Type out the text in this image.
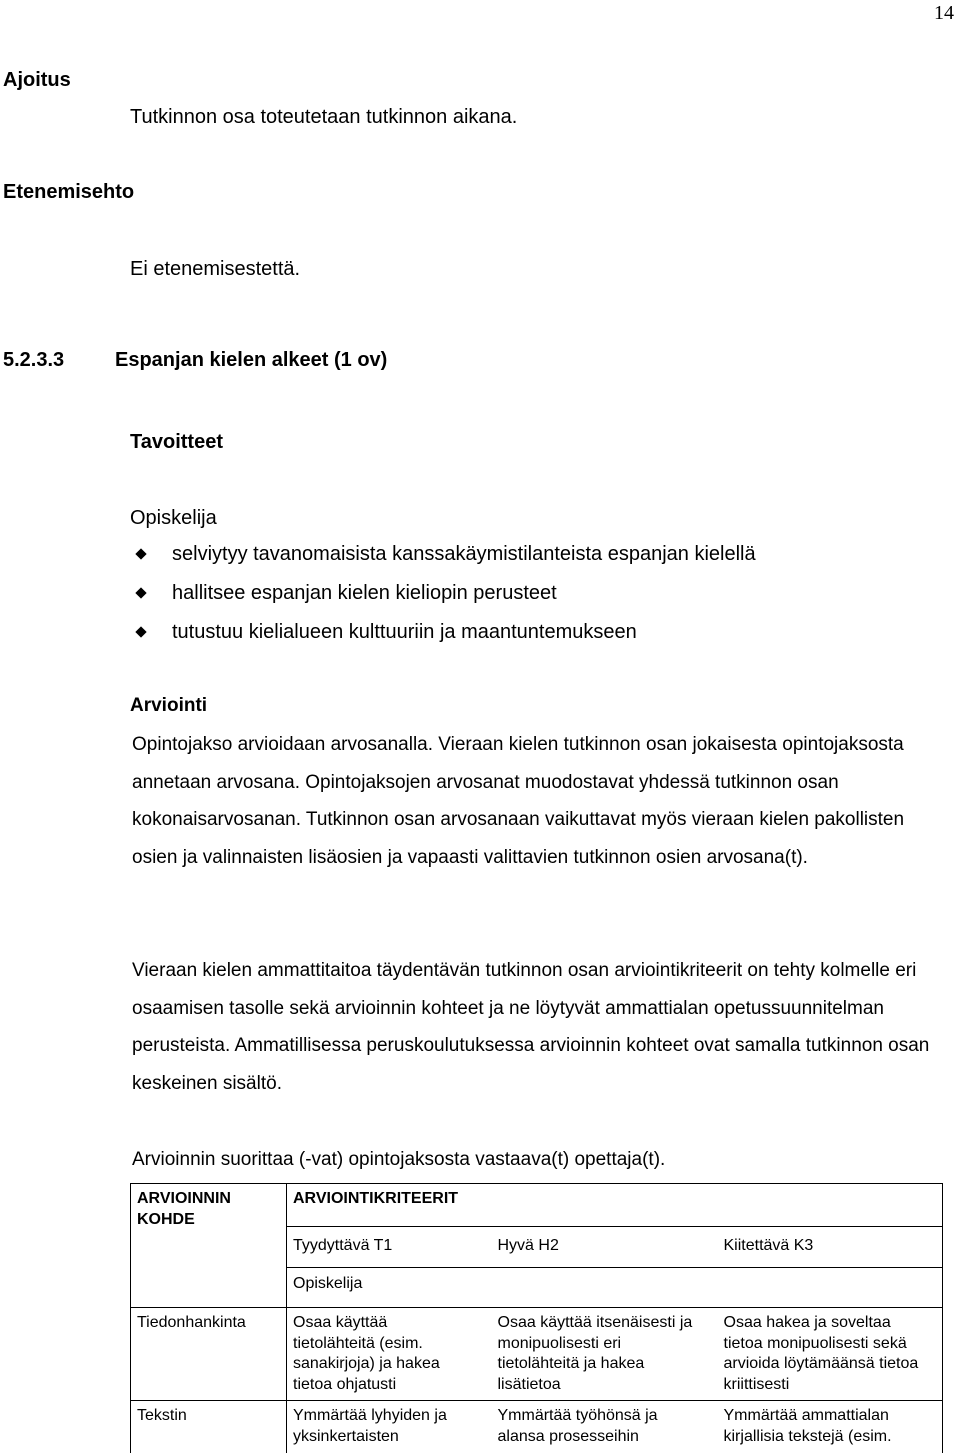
14
Ajoitus
Tutkinnon osa toteutetaan tutkinnon aikana.
Etenemisehto
Ei etenemisestettä.
5.2.3.3	Espanjan kielen alkeet (1 ov)
Tavoitteet
Opiskelija
selviytyy tavanomaisista kanssakäymistilanteista espanjan kielellä
hallitsee espanjan kielen kieliopin perusteet
tutustuu kielialueen kulttuuriin ja maantuntemukseen
Arviointi
Opintojakso arvioidaan arvosanalla. Vieraan kielen tutkinnon osan jokaisesta opintojaksosta annetaan arvosana. Opintojaksojen arvosanat muodostavat yhdessä tutkinnon osan kokonaisarvosanan. Tutkinnon osan arvosanaan vaikuttavat myös vieraan kielen pakollisten osien ja valinnaisten lisäosien ja vapaasti valittavien tutkinnon osien arvosana(t).
Vieraan kielen ammattitaitoa täydentävän tutkinnon osan arviointikriteerit on tehty kolmelle eri osaamisen tasolle sekä arvioinnin kohteet ja ne löytyvät ammattialan opetussuunnitelman perusteista. Ammatillisessa peruskoulutuksessa arvioinnin kohteet ovat samalla tutkinnon osan keskeinen sisältö.
Arvioinnin suorittaa (-vat) opintojaksosta vastaava(t) opettaja(t).
ARVIOINNIN KOHDE	ARVIOINTIKRITEERIT		
	Tyydyttävä T1	Hyvä H2	Kiitettävä K3
	Opiskelija		
Tiedonhankinta	Osaa käyttää tietolähteitä (esim. sanakirjoja) ja hakea tietoa ohjatusti	Osaa käyttää itsenäisesti ja monipuolisesti eri tietolähteitä ja hakea lisätietoa	Osaa hakea ja soveltaa tietoa monipuolisesti sekä arvioida löytämäänsä tietoa kriittisesti

Tekstin	Ymmärtää lyhyiden ja yksinkertaisten	Ymmärtää työhönsä ja alansa prosesseihin	Ymmärtää ammattialan kirjallisia tekstejä (esim.
